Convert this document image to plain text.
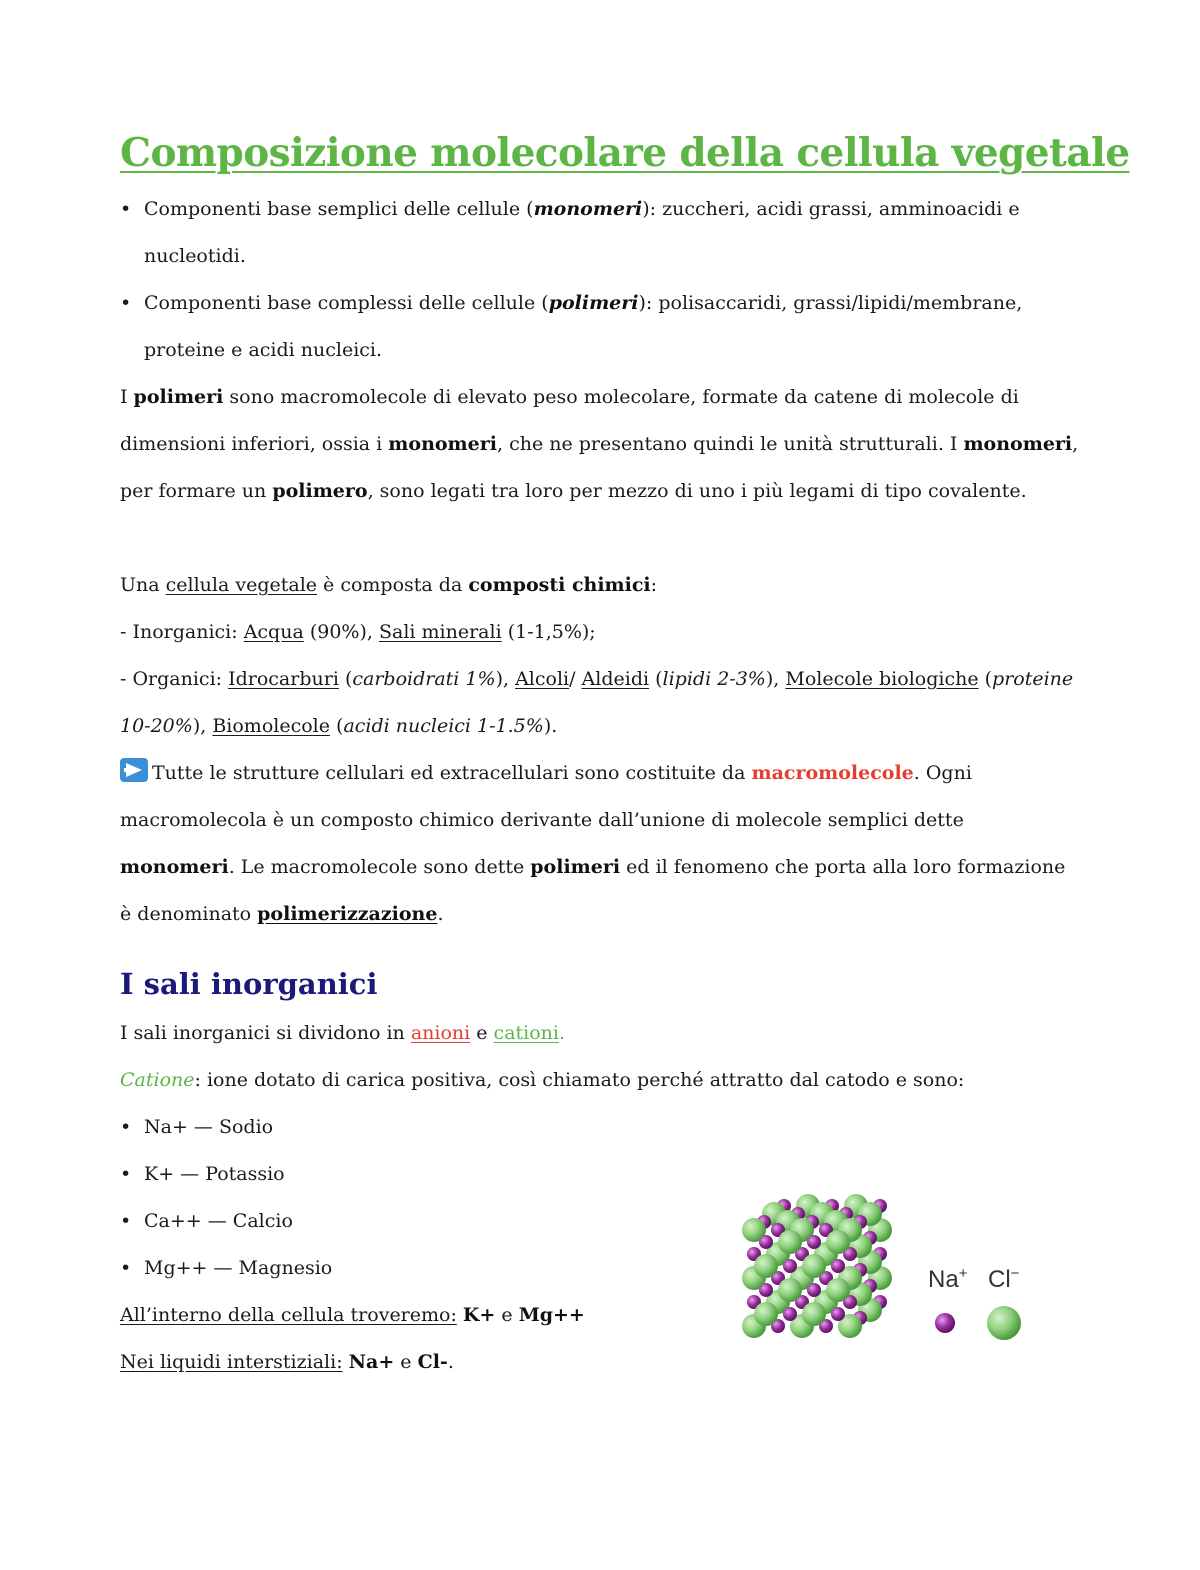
Composizione molecolare della cellula vegetale

• Componenti base semplici delle cellule (monomeri): zuccheri, acidi grassi, amminoacidi e

nucleotidi.

• Componenti base complessi delle cellule (polimeri): polisaccaridi, grassi/lipidi/membrane,

proteine e acidi nucleici.

I polimeri sono macromolecole di elevato peso molecolare, formate da catene di molecole di

dimensioni inferiori, ossia i monomeri, che ne presentano quindi le unità strutturali. I monomeri,

per formare un polimero, sono legati tra loro per mezzo di uno i più legami di tipo covalente.

Una cellula vegetale è composta da composti chimici:

- Inorganici: Acqua (90%), Sali minerali (1-1,5%);

- Organici: Idrocarburi (carboidrati 1%), Alcoli/ Aldeidi (lipidi 2-3%), Molecole biologiche (proteine

10-20%), Biomolecole (acidi nucleici 1-1.5%).

Tutte le strutture cellulari ed extracellulari sono costituite da macromolecole. Ogni

macromolecola è un composto chimico derivante dall’unione di molecole semplici dette

monomeri. Le macromolecole sono dette polimeri ed il fenomeno che porta alla loro formazione

è denominato polimerizzazione.

I sali inorganici

I sali inorganici si dividono in anioni e cationi.

Catione: ione dotato di carica positiva, così chiamato perché attratto dal catodo e sono:

• Na+ — Sodio

• K+ — Potassio

• Ca++ — Calcio

• Mg++ — Magnesio

All’interno della cellula troveremo: K+ e Mg++

Nei liquidi interstiziali: Na+ e Cl-.

Na+ Cl−
